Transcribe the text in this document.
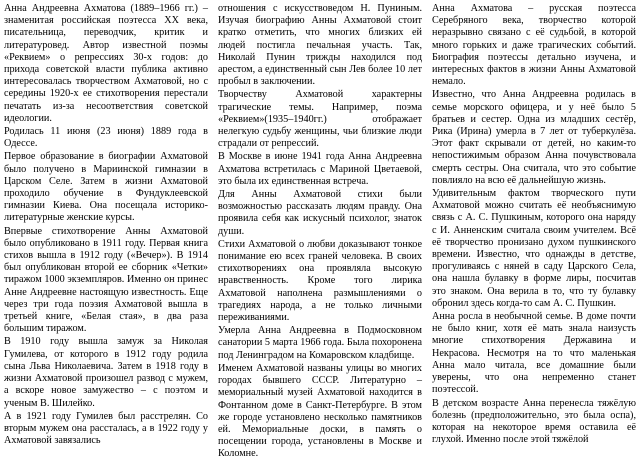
Анна Андреевна Ахматова (1889–1966 гг.) – знаменитая российская поэтесса XX века, писательница, переводчик, критик и литературовед. Автор известной поэмы «Реквием» о репрессиях 30-х годов: до прихода советской власти публика активно интересовалась творчеством Ахматовой, но с середины 1920-х ее стихотворения перестали печатать из-за несоответствия советской идеологии.

Родилась 11 июня (23 июня) 1889 года в Одессе.

Первое образование в биографии Ахматовой было получено в Мариинской гимназии в Царском Селе. Затем в жизни Ахматовой проходило обучение в Фундуклеевской гимназии Киева. Она посещала историко-литературные женские курсы.

Впервые стихотворение Анны Ахматовой было опубликовано в 1911 году. Первая книга стихов вышла в 1912 году («Вечер»). В 1914 был опубликован второй ее сборник «Четки» тиражом 1000 экземпляров. Именно он принес Анне Андреевне настоящую известность. Еще через три года поэзия Ахматовой вышла в третьей книге, «Белая стая», в два раза большим тиражом.

В 1910 году вышла замуж за Николая Гумилева, от которого в 1912 году родила сына Льва Николаевича. Затем в 1918 году в жизни Ахматовой произошел развод с мужем, а вскоре новое замужество – с поэтом и ученым В. Шилейко.

А в 1921 году Гумилев был расстрелян. Со вторым мужем она рассталась, а в 1922 году у Ахматовой завязались

отношения с искусствоведом Н. Пуниным. Изучая биографию Анны Ахматовой стоит кратко отметить, что многих близких ей людей постигла печальная участь. Так, Николай Пунин трижды находился под арестом, а единственный сын Лев более 10 лет пробыл в заключении.

Творчеству Ахматовой характерны трагические темы. Например, поэма «Реквием»(1935–1940гг.) отображает нелегкую судьбу женщины, чьи близкие люди страдали от репрессий.

В Москве в июне 1941 года Анна Андреевна Ахматова встретилась с Мариной Цветаевой, это была их единственная встреча.

Для Анны Ахматовой стихи были возможностью рассказать людям правду. Она проявила себя как искусный психолог, знаток души.

Стихи Ахматовой о любви доказывают тонкое понимание ею всех граней человека. В своих стихотворениях она проявляла высокую нравственность. Кроме того лирика Ахматовой наполнена размышлениями о трагедиях народа, а не только личными переживаниями.

Умерла Анна Андреевна в Подмосковном санатории 5 марта 1966 года. Была похоронена под Ленинградом на Комаровском кладбище.

Именем Ахматовой названы улицы во многих городах бывшего СССР. Литературно – мемориальный музей Ахматовой находится в Фонтанном доме в Санкт-Петербурге. В этом же городе установлено несколько памятников ей. Мемориальные доски, в память о посещении города, установлены в Москве и Коломне.

Анна Ахматова – русская поэтесса Серебряного века, творчество которой неразрывно связано с её судьбой, в которой много горьких и даже трагических событий. Биография поэтессы детально изучена, и интересных фактов в жизни Анны Ахматовой немало.

Известно, что Анна Андреевна родилась в семье морского офицера, и у неё было 5 братьев и сестер. Одна из младших сестёр, Рика (Ирина) умерла в 7 лет от туберкулёза. Этот факт скрывали от детей, но каким-то непостижимым образом Анна почувствовала смерть сестры. Она считала, что это событие повлияло на всю её дальнейшую жизнь.

Удивительным фактом творческого пути Ахматовой можно считать её необъяснимую связь с А. С. Пушкиным, которого она наряду с И. Анненским считала своим учителем. Всё её творчество пронизано духом пушкинского времени. Известно, что однажды в детстве, прогуливаясь с няней в саду Царского Села, она нашла булавку в форме лиры, посчитав это знаком. Она верила в то, что ту булавку обронил здесь когда-то сам А. С. Пушкин.

Анна росла в необычной семье. В доме почти не было книг, хотя её мать знала наизусть многие стихотворения Державина и Некрасова. Несмотря на то что маленькая Анна мало читала, все домашние были уверены, что она непременно станет поэтессой.

В детском возрасте Анна перенесла тяжёлую болезнь (предположительно, это была оспа), которая на некоторое время оставила её глухой. Именно после этой тяжёлой
